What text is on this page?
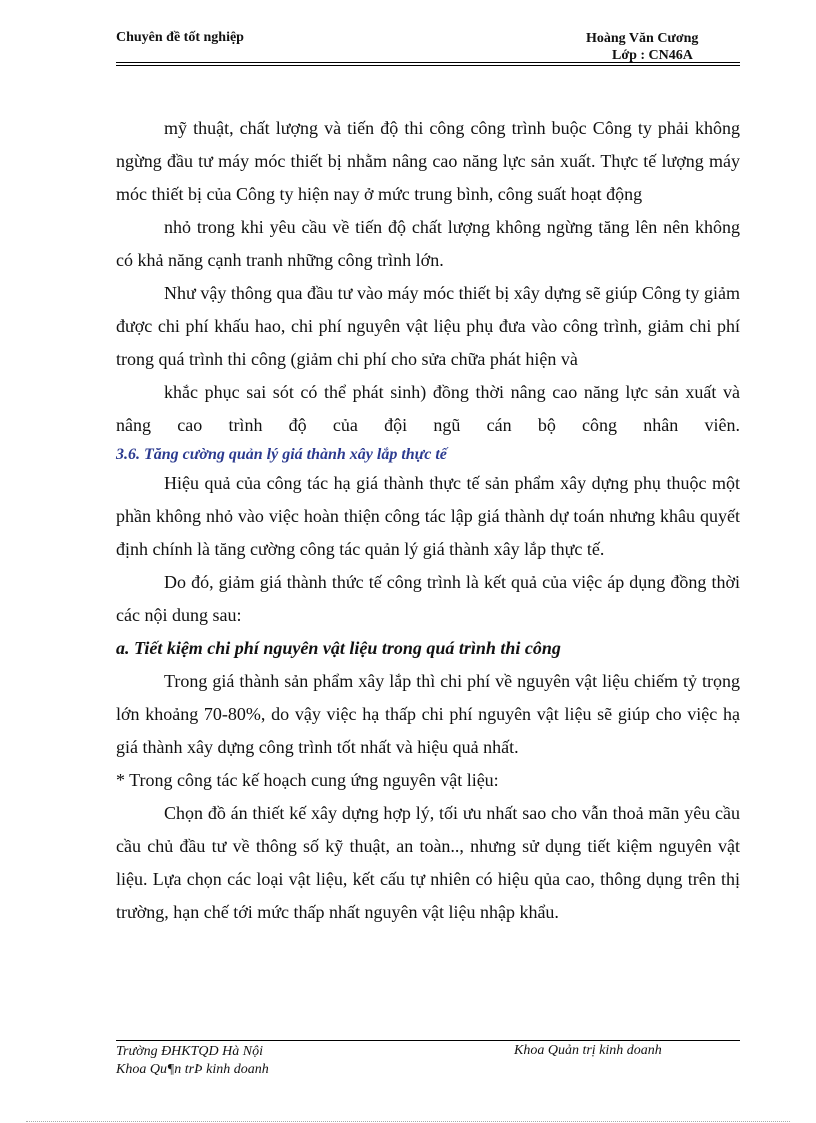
Chuyên đề tốt nghiệp	Hoàng Văn Cương
Lớp : CN46A

mỹ thuật, chất lượng và tiến độ thi công công trình buộc Công ty phải không ngừng đầu tư máy móc thiết bị nhằm nâng cao năng lực sản xuất. Thực tế lượng máy móc thiết bị của Công ty hiện nay ở mức trung bình, công suất hoạt động

nhỏ trong khi yêu cầu về tiến độ chất lượng không ngừng tăng lên nên không có khả năng cạnh tranh những công trình lớn.

Như vậy thông qua đầu tư vào máy móc thiết bị xây dựng sẽ giúp Công ty giảm được chi phí khấu hao, chi phí nguyên vật liệu phụ đưa vào công trình, giảm chi phí trong quá trình thi công (giảm chi phí cho sửa chữa phát hiện và

khắc phục sai sót có thể phát sinh) đồng thời nâng cao năng lực sản xuất và nâng cao trình độ của đội ngũ cán bộ công nhân viên.

3.6. Tăng cường quản lý giá thành xây lắp thực tế

Hiệu quả của công tác hạ giá thành thực tế sản phẩm xây dựng phụ thuộc một phần không nhỏ vào việc hoàn thiện công tác lập giá thành dự toán nhưng khâu quyết định chính là tăng cường công tác quản lý giá thành xây lắp thực tế.

Do đó, giảm giá thành thức tế công trình là kết quả của việc áp dụng đồng thời các nội dung sau:

a. Tiết kiệm chi phí nguyên vật liệu trong quá trình thi công

Trong giá thành sản phẩm xây lắp thì chi phí về nguyên vật liệu chiếm tỷ trọng lớn khoảng 70-80%, do vậy việc hạ thấp chi phí nguyên vật liệu sẽ giúp cho việc hạ giá thành xây dựng công trình tốt nhất và hiệu quả nhất.

* Trong công tác kế hoạch cung ứng nguyên vật liệu:

Chọn đồ án thiết kế xây dựng hợp lý, tối ưu nhất sao cho vẫn thoả mãn yêu cầu cầu chủ đầu tư về thông số kỹ thuật, an toàn.., nhưng sử dụng tiết kiệm nguyên vật liệu. Lựa chọn các loại vật liệu, kết cấu tự nhiên có hiệu qủa cao, thông dụng trên thị trường, hạn chế tới mức thấp nhất nguyên vật liệu nhập khẩu.

Trường ĐHKTQD Hà Nội
Khoa Qu¶n trÞ kinh doanh
Khoa Quản trị kinh doanh
